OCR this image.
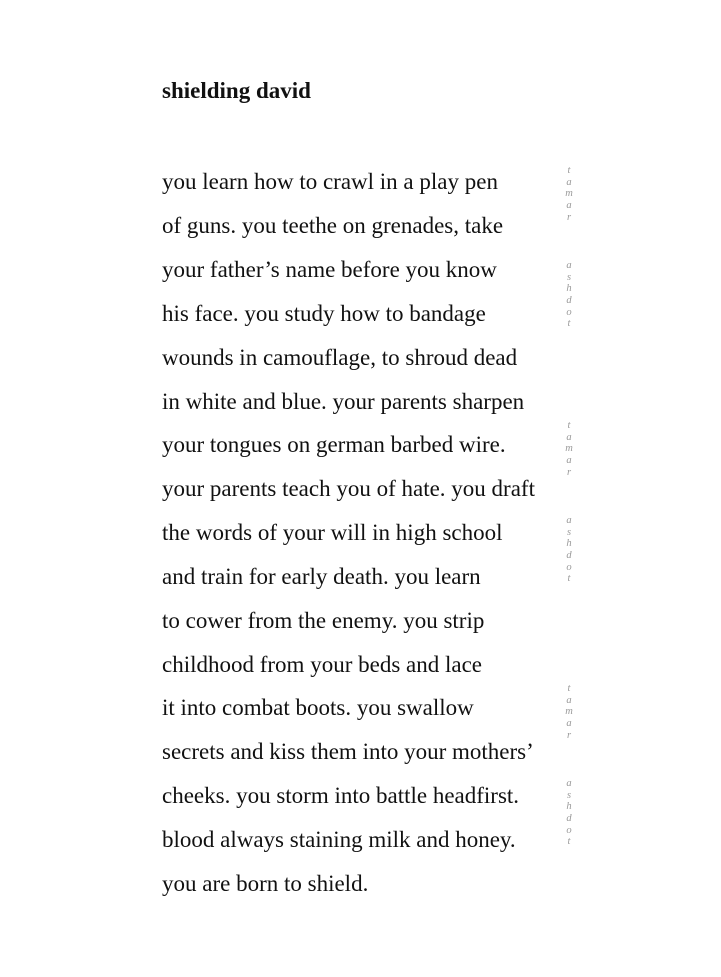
shielding david
you learn how to crawl in a play pen
of guns. you teethe on grenades, take
your father’s name before you know
his face. you study how to bandage
wounds in camouflage, to shroud dead
in white and blue. your parents sharpen
your tongues on german barbed wire.
your parents teach you of hate. you draft
the words of your will in high school
and train for early death. you learn
to cower from the enemy. you strip
childhood from your beds and lace
it into combat boots. you swallow
secrets and kiss them into your mothers’
cheeks. you storm into battle headfirst.
blood always staining milk and honey.
you are born to shield.
t
a
m
a
r
a
s
h
d
o
t
t
a
m
a
r
a
s
h
d
o
t
t
a
m
a
r
a
s
h
d
o
t
